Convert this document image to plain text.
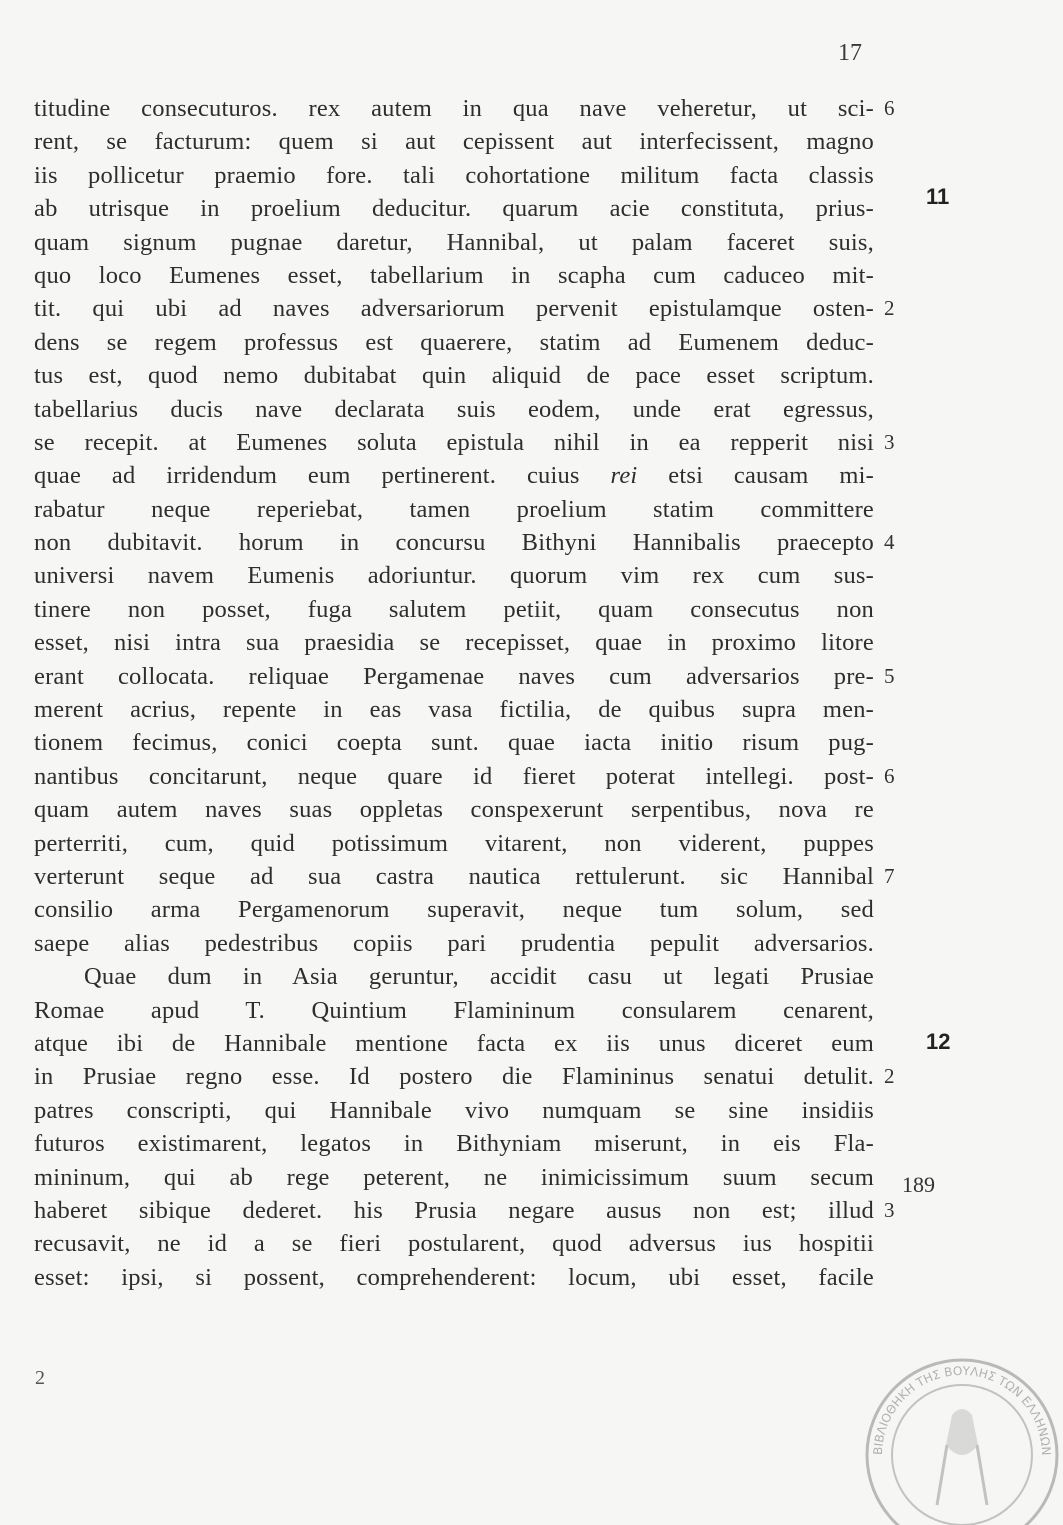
17
titudine consecuturos. rex autem in qua nave veheretur, ut sci- 6
rent, se facturum: quem si aut cepissent aut interfecissent, magno
iis pollicetur praemio fore. tali cohortatione militum facta classis
ab utrisque in proelium deducitur. quarum acie constituta, prius-
quam signum pugnae daretur, Hannibal, ut palam faceret suis,
quo loco Eumenes esset, tabellarium in scapha cum caduceo mit-
tit. qui ubi ad naves adversariorum pervenit epistulamque osten- 2
dens se regem professus est quaerere, statim ad Eumenem deduc-
tus est, quod nemo dubitabat quin aliquid de pace esset scriptum.
tabellarius ducis nave declarata suis eodem, unde erat egressus,
se recepit. at Eumenes soluta epistula nihil in ea repperit nisi 3
quae ad irridendum eum pertinerent. cuius rei etsi causam mi-
rabatur neque reperiebat, tamen proelium statim committere
non dubitavit. horum in concursu Bithyni Hannibalis praecepto 4
universi navem Eumenis adoriuntur. quorum vim rex cum sus-
tinere non posset, fuga salutem petiit, quam consecutus non
esset, nisi intra sua praesidia se recepisset, quae in proximo litore
erant collocata. reliquae Pergamenae naves cum adversarios pre- 5
merent acrius, repente in eas vasa fictilia, de quibus supra men-
tionem fecimus, conici coepta sunt. quae iacta initio risum pug-
nantibus concitarunt, neque quare id fieret poterat intellegi. post- 6
quam autem naves suas oppletas conspexerunt serpentibus, nova re
perterriti, cum, quid potissimum vitarent, non viderent, puppes
verterunt seque ad sua castra nautica rettulerunt. sic Hannibal 7
consilio arma Pergamenorum superavit, neque tum solum, sed
saepe alias pedestribus copiis pari prudentia pepulit adversarios.
Quae dum in Asia geruntur, accidit casu ut legati Prusiae
Romae apud T. Quintium Flamininum consularem cenarent,
atque ibi de Hannibale mentione facta ex iis unus diceret eum
in Prusiae regno esse. Id postero die Flamininus senatui detulit. 2
patres conscripti, qui Hannibale vivo numquam se sine insidiis
futuros existimarent, legatos in Bithyniam miserunt, in eis Fla-
mininum, qui ab rege peterent, ne inimicissimum suum secum
haberet sibique dederet. his Prusia negare ausus non est; illud 3
recusavit, ne id a se fieri postularent, quod adversus ius hospitii
esset: ipsi, si possent, comprehenderent: locum, ubi esset, facile
11
12
189
2
ΒΙΒΛΙΟΘΗΚΗ ΤΗΣ ΒΟΥΛΗΣ ΤΩΝ ΕΛΛΗΝΩΝ
